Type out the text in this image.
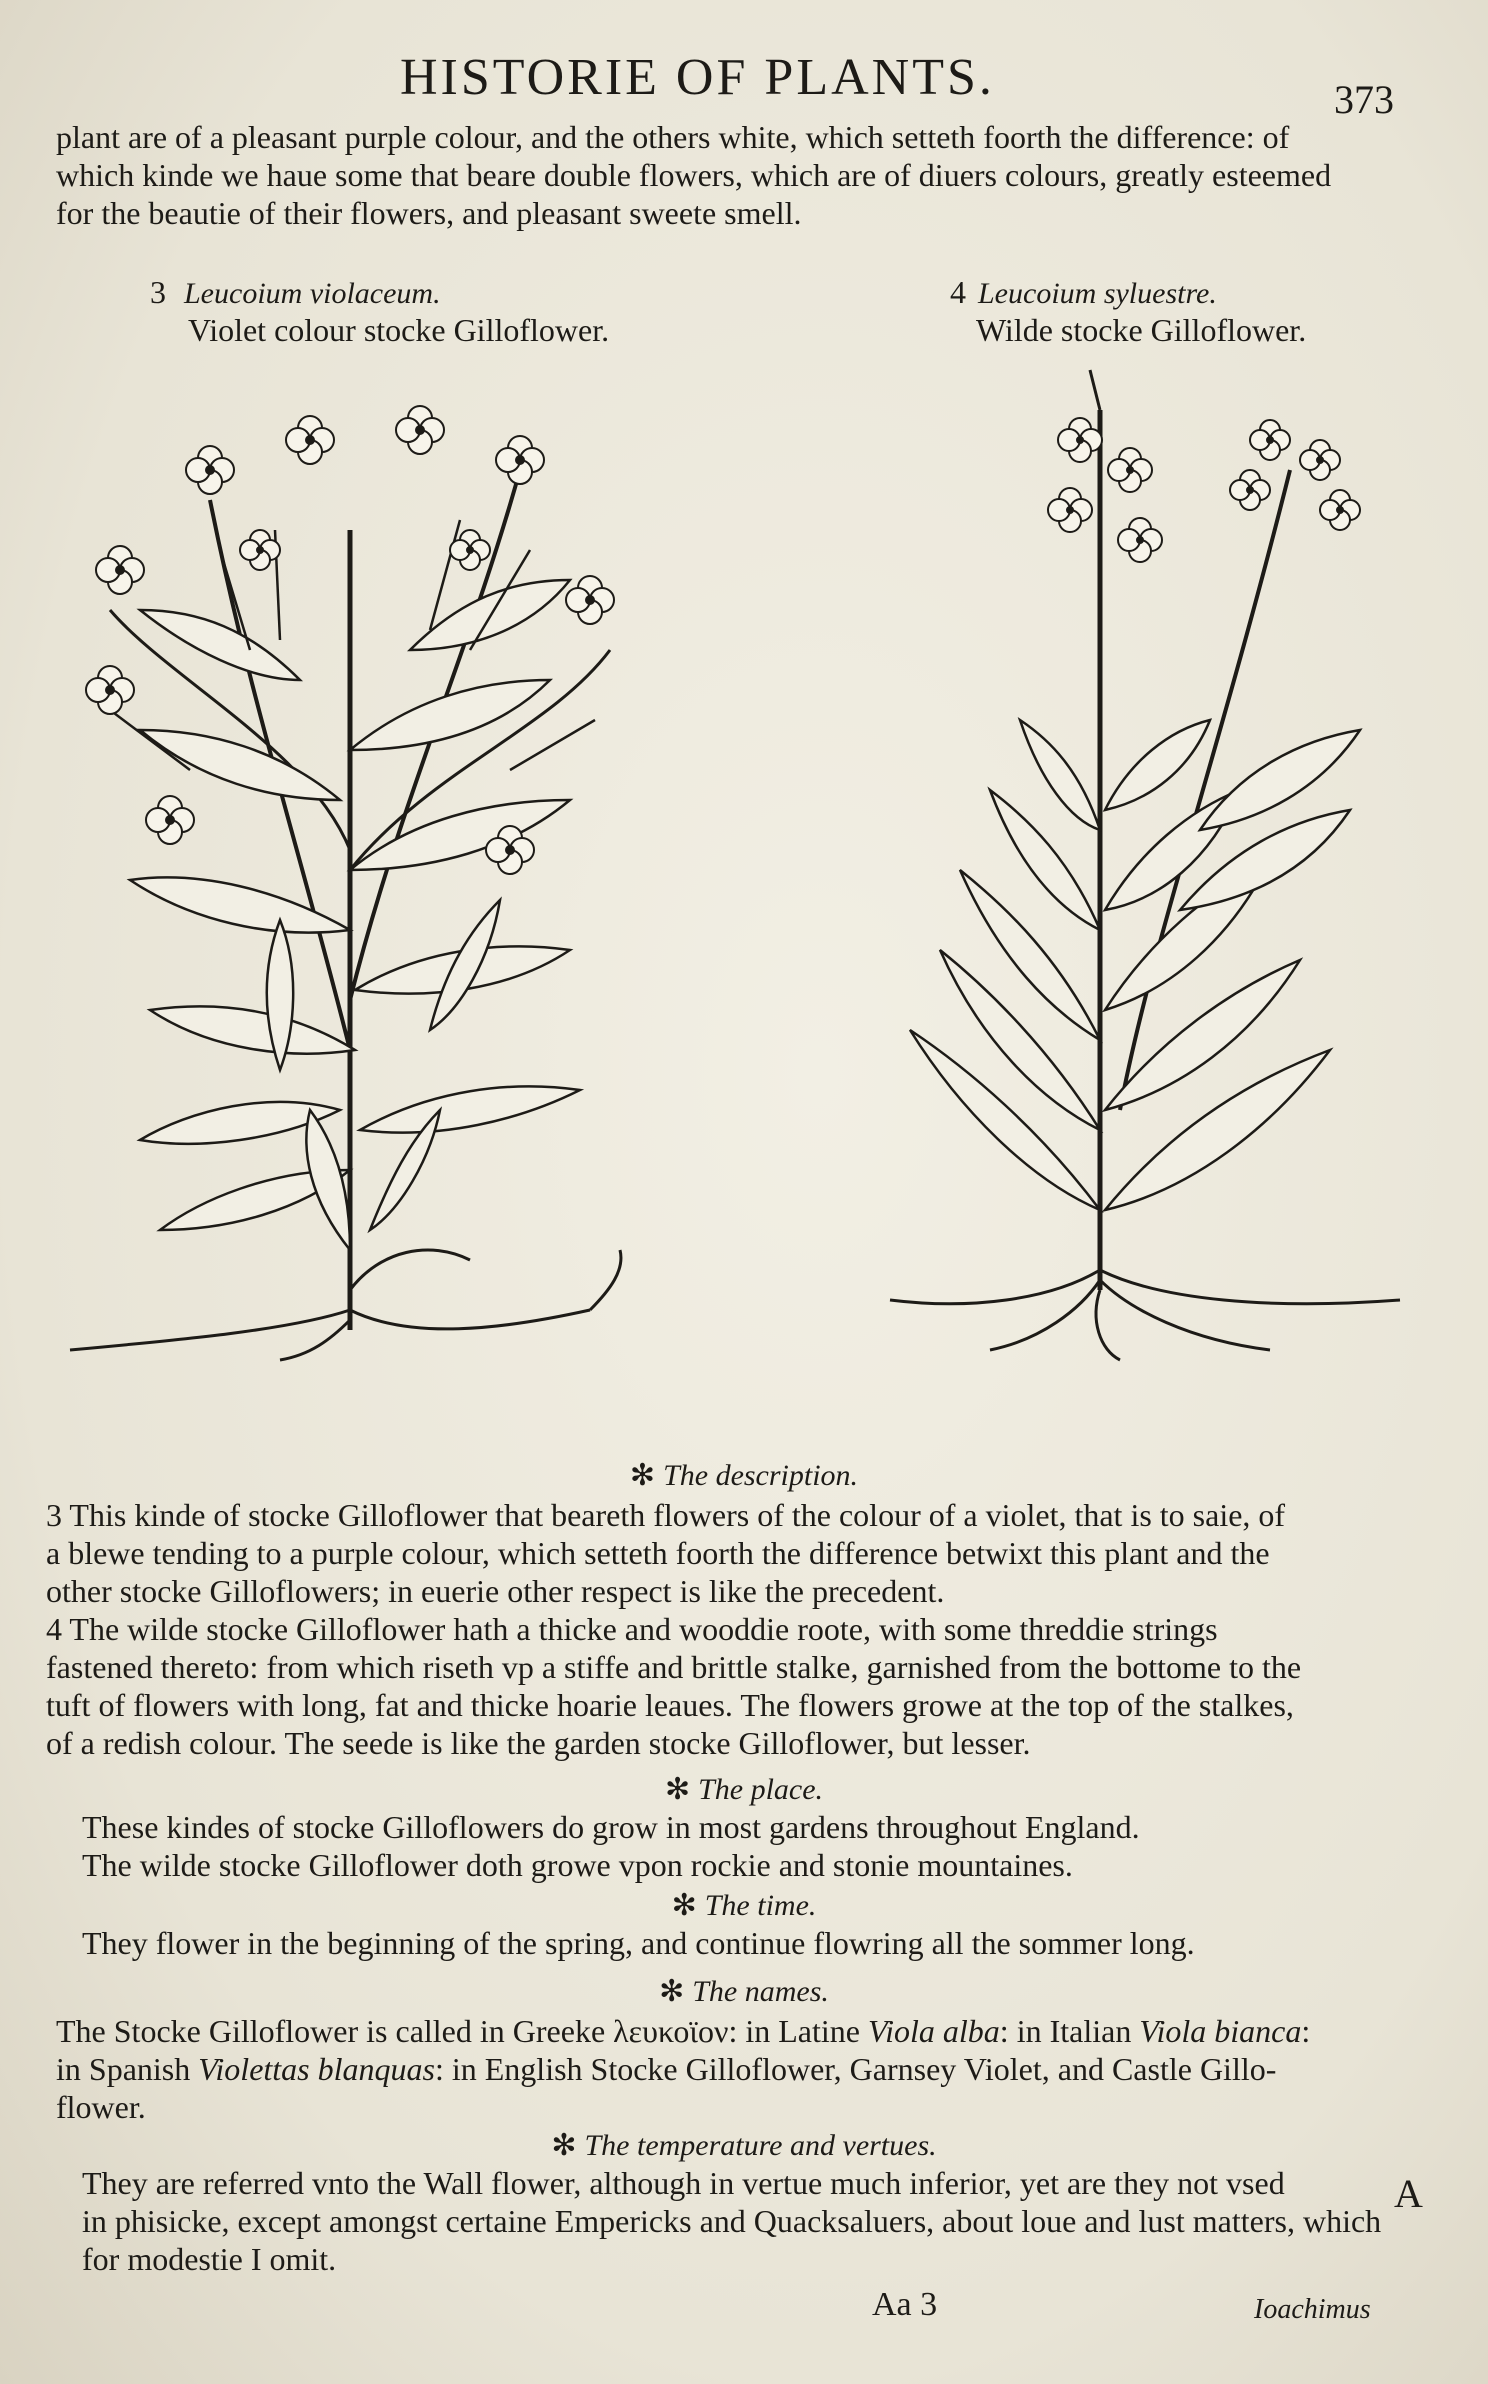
HISTORIE OF PLANTS.	373
plant are of a pleasant purple colour, and the others white, which setteth foorth the difference: of
which kinde we haue some that beare double flowers, which are of diuers colours, greatly esteemed
for the beautie of their flowers, and pleasant sweete smell.
3 Leucoium violaceum.
Violet colour stocke Gilloflower.
4 Leucoium syluestre.
Wilde stocke Gilloflower.
✻ The description.
3 This kinde of stocke Gilloflower that beareth flowers of the colour of a violet, that is to saie, of
a blewe tending to a purple colour, which setteth foorth the difference betwixt this plant and the
other stocke Gilloflowers; in euerie other respect is like the precedent.
4 The wilde stocke Gilloflower hath a thicke and wooddie roote, with some threddie strings
fastened thereto: from which riseth vp a stiffe and brittle stalke, garnished from the bottome to the
tuft of flowers with long, fat and thicke hoarie leaues. The flowers growe at the top of the stalkes,
of a redish colour. The seede is like the garden stocke Gilloflower, but lesser.
✻ The place.
These kindes of stocke Gilloflowers do grow in most gardens throughout England.
The wilde stocke Gilloflower doth growe vpon rockie and stonie mountaines.
✻ The time.
They flower in the beginning of the spring, and continue flowring all the sommer long.
✻ The names.
The Stocke Gilloflower is called in Greeke λευκοϊον: in Latine Viola alba: in Italian Viola bianca:
in Spanish Violettas blanquas: in English Stocke Gilloflower, Garnsey Violet, and Castle Gillo-
flower.
✻ The temperature and vertues.
They are referred vnto the Wall flower, although in vertue much inferior, yet are they not vsed
in phisicke, except amongst certaine Empericks and Quacksaluers, about loue and lust matters, which
for modestie I omit.
A
Aa 3	Ioachimus
